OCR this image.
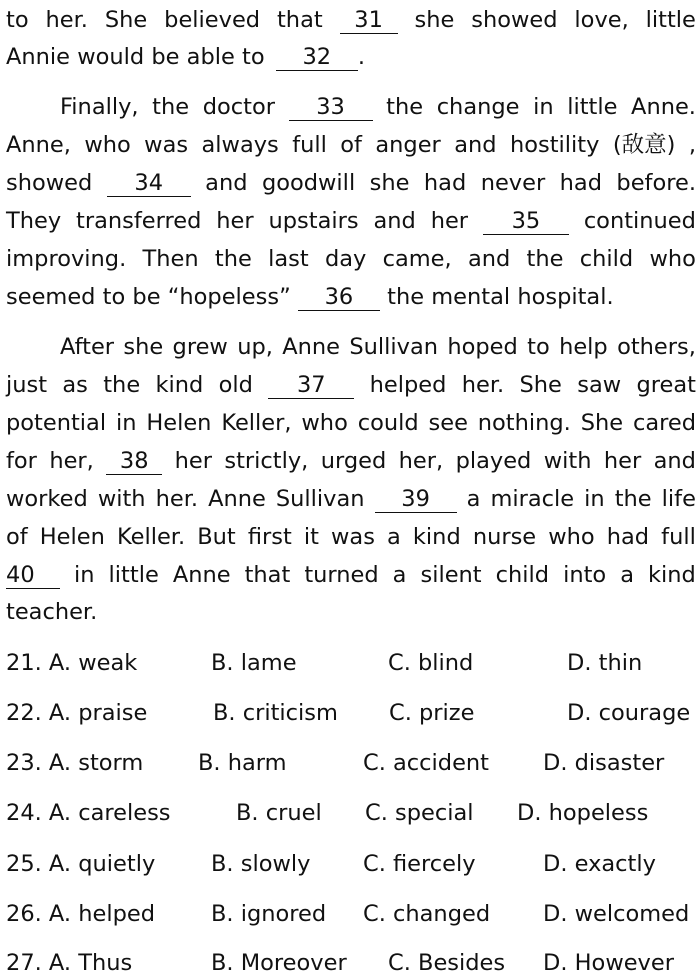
to her. She believed that	31	she showed love, little
Annie would be able to	32	.
Finally, the doctor	33	the change in little Anne.
Anne, who was always full of anger and hostility (敌意) ,
showed	34	and goodwill she had never had before.
They transferred her upstairs and her	35	continued
improving. Then the last day came, and the child who
seemed to be “hopeless”	36	the mental hospital.
After she grew up, Anne Sullivan hoped to help others,
just as the kind old	37	helped her. She saw great
potential in Helen Keller, who could see nothing. She cared
for her,	38	her strictly, urged her, played with her and
worked with her. Anne Sullivan	39	a miracle in the life
of Helen Keller. But first it was a kind nurse who had full
40	in little Anne that turned a silent child into a kind
teacher.
21. A. weak	B. lame	C. blind	D. thin
22. A. praise	B. criticism C. prize	D. courage
23. A. storm B. harm	C. accident D. disaster
24. A. careless	B. cruel C. special D. hopeless
25. A. quietly B. slowly C. fiercely	D. exactly
26. A. helped B. ignored C. changed D. welcomed
27. A. Thus	B. Moreover C. Besides D. However
